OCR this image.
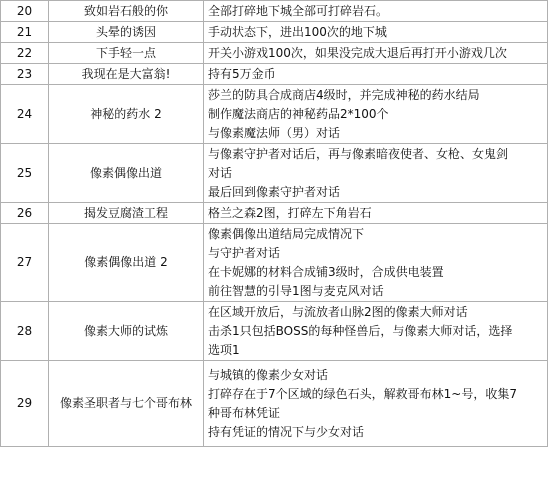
20	致如岩石般的你	全部打碎地下城全部可打碎岩石。

21	头晕的诱因	手动状态下，进出100次的地下城

22	下手轻一点	开关小游戏100次，如果没完成大退后再打开小游戏几次

23	我现在是大富翁!	持有5万金币

24	神秘的药水 2	莎兰的防具合成商店4级时，并完成神秘的药水结局
制作魔法商店的神秘药品2*100个
与像素魔法师（男）对话

25	像素偶像出道	与像素守护者对话后，再与像素暗夜使者、女枪、女鬼剑
对话
最后回到像素守护者对话

26	揭发豆腐渣工程	格兰之森2图，打碎左下角岩石

27	像素偶像出道 2	像素偶像出道结局完成情况下
与守护者对话
在卡妮娜的材料合成铺3级时，合成供电装置
前往智慧的引导1图与麦克风对话

28	像素大师的试炼	在区域开放后，与流放者山脉2图的像素大师对话
击杀1只包括BOSS的每种怪兽后，与像素大师对话，选择
选项1

29	像素圣职者与七个哥布林	与城镇的像素少女对话
打碎存在于7个区域的绿色石头，解救哥布林1~号，收集7
种哥布林凭证
持有凭证的情况下与少女对话
